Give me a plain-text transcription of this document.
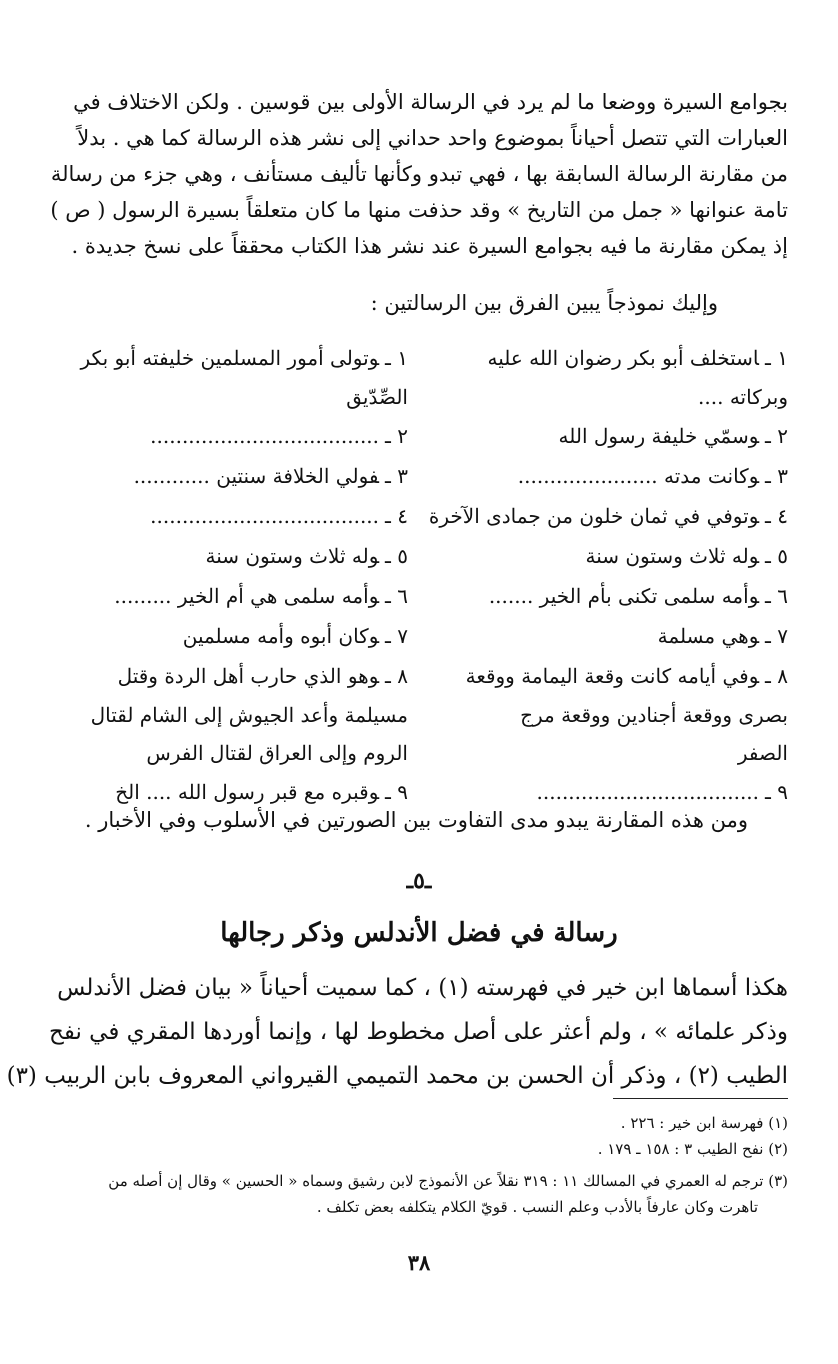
بجوامع السيرة ووضعا ما لم يرد في الرسالة الأولى بين قوسين . ولكن الاختلاف في
العبارات التي تتصل أحياناً بموضوع واحد حداني إلى نشر هذه الرسالة كما هي . بدلاً
من مقارنة الرسالة السابقة بها ، فهي تبدو وكأنها تأليف مستأنف ، وهي جزء من رسالة
تامة عنوانها « جمل من التاريخ » وقد حذفت منها ما كان متعلقاً بسيرة الرسول ( ص )
إذ يمكن مقارنة ما فيه بجوامع السيرة عند نشر هذا الكتاب محققاً على نسخ جديدة .
وإليك نموذجاً يبين الفرق بين الرسالتين :
١ ـاستخلف أبو بكر رضوان الله عليه
وبركاته ....
٢ ـوسمّي خليفة رسول الله
٣ ـوكانت مدته ......................
٤ ـوتوفي في ثمان خلون من جمادى الآخرة
٥ ـوله ثلاث وستون سنة
٦ ـوأمه سلمى تكنى بأم الخير .......
٧ ـوهي مسلمة
٨ ـوفي أيامه كانت وقعة اليمامة ووقعة
بصرى ووقعة أجنادين ووقعة مرج
الصفر
٩ ـ...................................
١ ـوتولى أمور المسلمين خليفته أبو بكر
الصِّدّيق
٢ ـ....................................
٣ ـفولي الخلافة سنتين ............
٤ ـ....................................
٥ ـوله ثلاث وستون سنة
٦ ـوأمه سلمى هي أم الخير .........
٧ ـوكان أبوه وأمه مسلمين
٨ ـوهو الذي حارب أهل الردة وقتل
مسيلمة وأعد الجيوش إلى الشام لقتال
الروم وإلى العراق لقتال الفرس
٩ ـوقبره مع قبر رسول الله .... الخ
ومن هذه المقارنة يبدو مدى التفاوت بين الصورتين في الأسلوب وفي الأخبار .
ـ٥ـ
رسالة في فضل الأندلس وذكر رجالها
هكذا أسماها ابن خير في فهرسته (١) ، كما سميت أحياناً « بيان فضل الأندلس
وذكر علمائه » ، ولم أعثر على أصل مخطوط لها ، وإنما أوردها المقري في نفح
الطيب (٢) ، وذكر أن الحسن بن محمد التميمي القيرواني المعروف بابن الربيب (٣)
(١) فهرسة ابن خير : ٢٢٦ .
(٢) نفح الطيب ٣ : ١٥٨ ـ ١٧٩ .
(٣) ترجم له العمري في المسالك ١١ : ٣١٩ نقلاً عن الأنموذج لابن رشيق وسماه « الحسين » وقال إن أصله من
تاهرت وكان عارفاً بالأدب وعلم النسب . قويّ الكلام يتكلفه بعض تكلف .
٣٨
